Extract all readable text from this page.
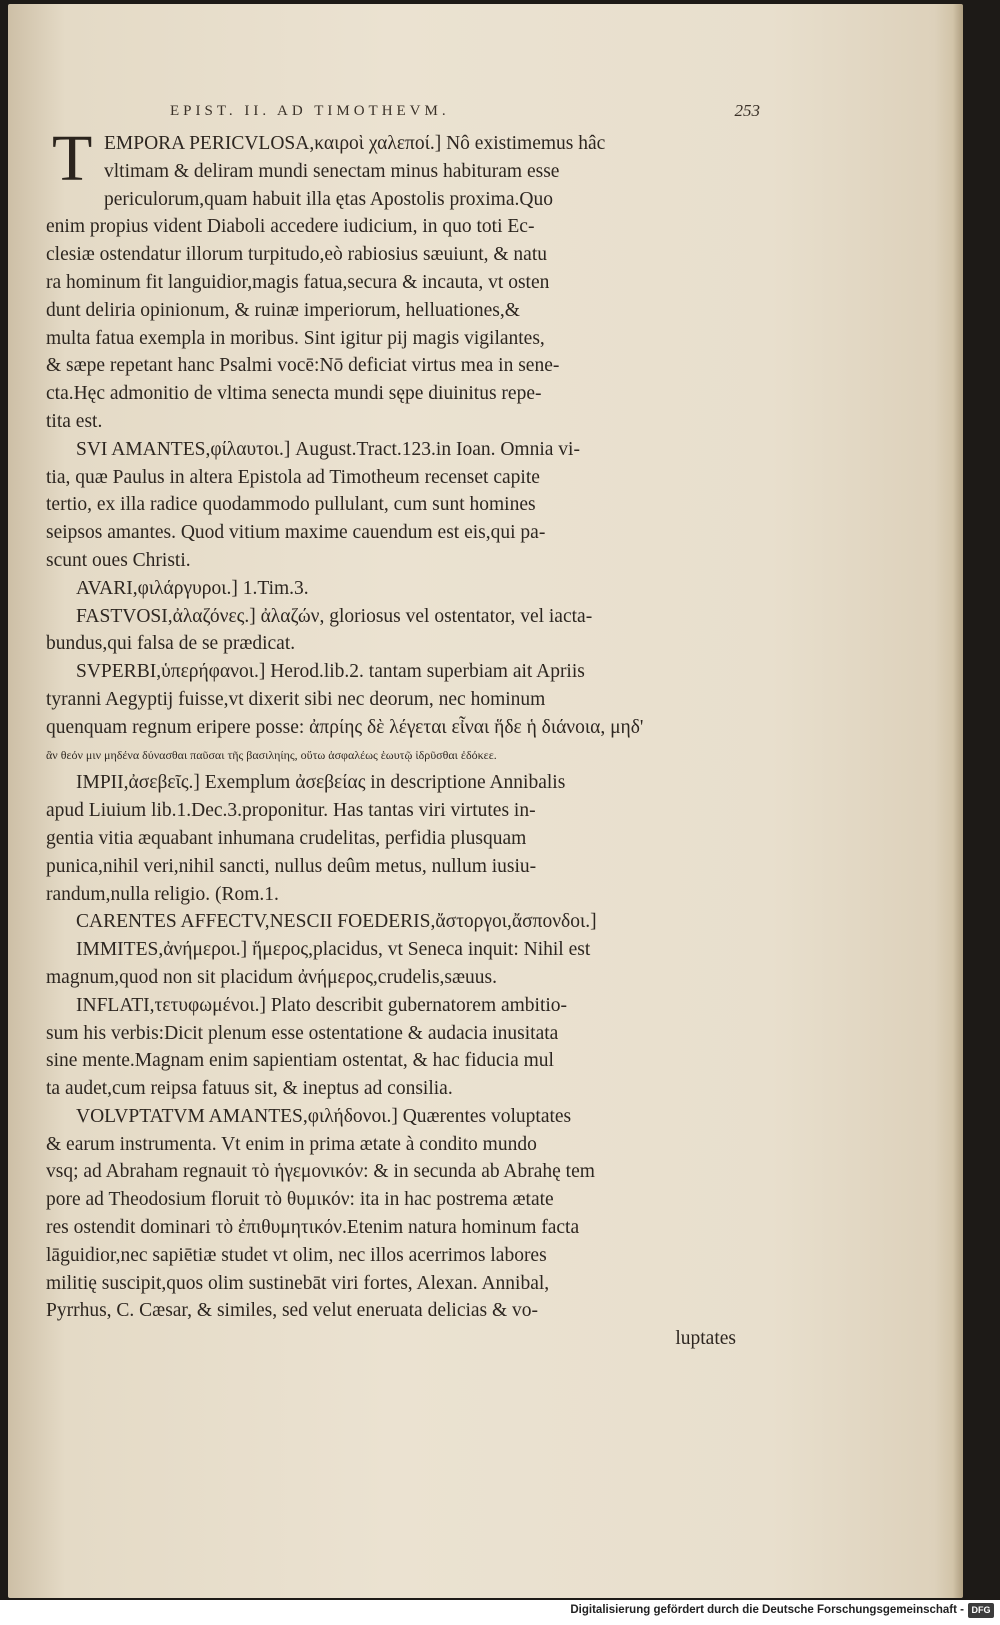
EPIST. II. AD TIMOTHEVM.	253
T EMPORA PERICVLOSA,καιροὶ χαλεποί.] Nô existimemus hâc
vltimam & deliram mundi senectam minus habituram esse
periculorum,quam habuit illa ętas Apostolis proxima.Quo
enim propius vident Diaboli accedere iudicium, in quo toti Ec-
clesiæ ostendatur illorum turpitudo,eò rabiosius sæuiunt, & natu
ra hominum fit languidior,magis fatua,secura & incauta, vt osten
dunt deliria opinionum, & ruinæ imperiorum, helluationes,&
multa fatua exempla in moribus. Sint igitur pij magis vigilantes,
& sæpe repetant hanc Psalmi vocē:Nō deficiat virtus mea in sene-
cta.Hęc admonitio de vltima senecta mundi sępe diuinitus repe-
tita est.
SVI AMANTES,φίλαυτοι.] August.Tract.123.in Ioan. Omnia vi-
tia, quæ Paulus in altera Epistola ad Timotheum recenset capite
tertio, ex illa radice quodammodo pullulant, cum sunt homines
seipsos amantes. Quod vitium maxime cauendum est eis,qui pa-
scunt oues Christi.
AVARI,φιλάργυροι.] 1.Tim.3.
FASTVOSI,ἀλαζόνες.] ἀλαζών, gloriosus vel ostentator, vel iacta-
bundus,qui falsa de se prædicat.
SVPERBI,ὑπερήφανοι.] Herod.lib.2. tantam superbiam ait Apriis
tyranni Aegyptij fuisse,vt dixerit sibi nec deorum, nec hominum
quenquam regnum eripere posse: ἀπρίης δὲ λέγεται εἶναι ἥδε ἡ διάνοια, μηδ'
ἂν θεόν μιν μηδένα δύνασθαι παῦσαι τῆς βασιληίης, οὕτω ἀσφαλέως ἑωυτῷ ἱδρῦσθαι ἐδόκεε.
IMPII,ἀσεβεῖς.] Exemplum ἀσεβείας in descriptione Annibalis
apud Liuium lib.1.Dec.3.proponitur. Has tantas viri virtutes in-
gentia vitia æquabant inhumana crudelitas, perfidia plusquam
punica,nihil veri,nihil sancti, nullus deûm metus, nullum iusiu-
randum,nulla religio. (Rom.1.
CARENTES AFFECTV,NESCII FOEDERIS,ἄστοργοι,ἄσπονδοι.]
IMMITES,ἀνήμεροι.] ἥμερος,placidus, vt Seneca inquit: Nihil est
magnum,quod non sit placidum ἀνήμερος,crudelis,sæuus.
INFLATI,τετυφωμένοι.] Plato describit gubernatorem ambitio-
sum his verbis:Dicit plenum esse ostentatione & audacia inusitata
sine mente.Magnam enim sapientiam ostentat, & hac fiducia mul
ta audet,cum reipsa fatuus sit, & ineptus ad consilia.
VOLVPTATVM AMANTES,φιλήδονοι.] Quærentes voluptates
& earum instrumenta. Vt enim in prima ætate à condito mundo
vsq; ad Abraham regnauit τὸ ἡγεμονικόν: & in secunda ab Abrahę tem
pore ad Theodosium floruit τὸ θυμικόν: ita in hac postrema ætate
res ostendit dominari τὸ ἐπιθυμητικόν.Etenim natura hominum facta
lāguidior,nec sapiētiæ studet vt olim, nec illos acerrimos labores
militię suscipit,quos olim sustinebāt viri fortes, Alexan. Annibal,
Pyrrhus, C. Cæsar, & similes, sed velut eneruata delicias & vo-
luptates
Digitalisierung gefördert durch die Deutsche Forschungsgemeinschaft - DFG
